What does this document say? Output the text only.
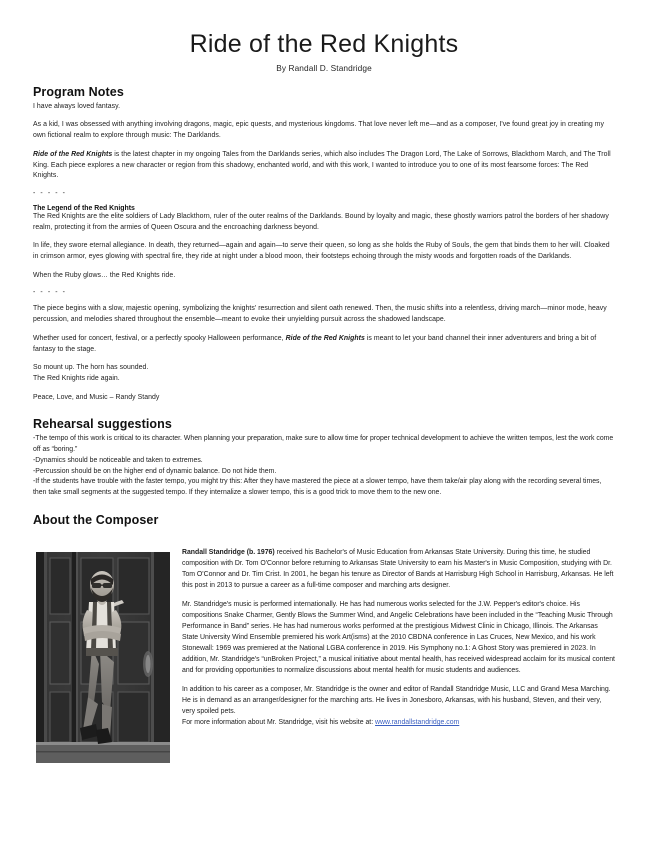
Ride of the Red Knights
By Randall D. Standridge
Program Notes

I have always loved fantasy.

As a kid, I was obsessed with anything involving dragons, magic, epic quests, and mysterious kingdoms. That love never left me—and as a composer, I've found great joy in creating my own fictional realm to explore through music: The Darklands.

Ride of the Red Knights is the latest chapter in my ongoing Tales from the Darklands series, which also includes The Dragon Lord, The Lake of Sorrows, Blackthorn March, and The Troll King. Each piece explores a new character or region from this shadowy, enchanted world, and with this work, I wanted to introduce you to one of its most fearsome forces: The Red Knights.

- - - - -
The Legend of the Red Knights

The Red Knights are the elite soldiers of Lady Blackthorn, ruler of the outer realms of the Darklands. Bound by loyalty and magic, these ghostly warriors patrol the borders of her shadowy realm, protecting it from the armies of Queen Oscura and the encroaching darkness beyond.

In life, they swore eternal allegiance. In death, they returned—again and again—to serve their queen, so long as she holds the Ruby of Souls, the gem that binds them to her will. Cloaked in crimson armor, eyes glowing with spectral fire, they ride at night under a blood moon, their footsteps echoing through the misty woods and forgotten roads of the Darklands.

When the Ruby glows… the Red Knights ride.

- - - - -

The piece begins with a slow, majestic opening, symbolizing the knights' resurrection and silent oath renewed. Then, the music shifts into a relentless, driving march—minor mode, heavy percussion, and melodies shared throughout the ensemble—meant to evoke their unyielding pursuit across the shadowed landscape.

Whether used for concert, festival, or a perfectly spooky Halloween performance, Ride of the Red Knights is meant to let your band channel their inner adventurers and bring a bit of fantasy to the stage.

So mount up. The horn has sounded.

The Red Knights ride again.

Peace, Love, and Music – Randy Standy

Rehearsal suggestions
-The tempo of this work is critical to its character. When planning your preparation, make sure to allow time for proper technical development to achieve the written tempos, lest the work come off as “boring.”
-Dynamics should be noticeable and taken to extremes.
-Percussion should be on the higher end of dynamic balance. Do not hide them.
-If the students have trouble with the faster tempo, you might try this: After they have mastered the piece at a slower tempo, have them take/air play along with the recording several times, then take small segments at the suggested tempo. If they internalize a slower tempo, this is a good trick to move them to the new one.
About the Composer

Randall Standridge (b. 1976) received his Bachelor's of Music Education from Arkansas State University. During this time, he studied composition with Dr. Tom O'Connor before returning to Arkansas State University to earn his Master's in Music Composition, studying with Dr. Tom O'Connor and Dr. Tim Crist. In 2001, he began his tenure as Director of Bands at Harrisburg High School in Harrisburg, Arkansas. He left this post in 2013 to pursue a career as a full-time composer and marching arts designer.

Mr. Standridge's music is performed internationally. He has had numerous works selected for the J.W. Pepper's editor's choice. His compositions Snake Charmer, Gently Blows the Summer Wind, and Angelic Celebrations have been included in the “Teaching Music Through Performance in Band” series. He has had numerous works performed at the prestigious Midwest Clinic in Chicago, Illinois. The Arkansas State University Wind Ensemble premiered his work Art(isms) at the 2010 CBDNA conference in Las Cruces, New Mexico, and his work Stonewall: 1969 was premiered at the National LGBA conference in 2019. His Symphony no.1: A Ghost Story was premiered in 2023. In addition, Mr. Standridge's “unBroken Project,” a musical initiative about mental health, has received widespread acclaim for its musical content and for providing opportunities to normalize discussions about mental health for music students and audiences.

In addition to his career as a composer, Mr. Standridge is the owner and editor of Randall Standridge Music, LLC and Grand Mesa Marching. He is in demand as an arranger/designer for the marching arts. He lives in Jonesboro, Arkansas, with his husband, Steven, and their very, very spoiled pets.

For more information about Mr. Standridge, visit his website at: www.randallstandridge.com
